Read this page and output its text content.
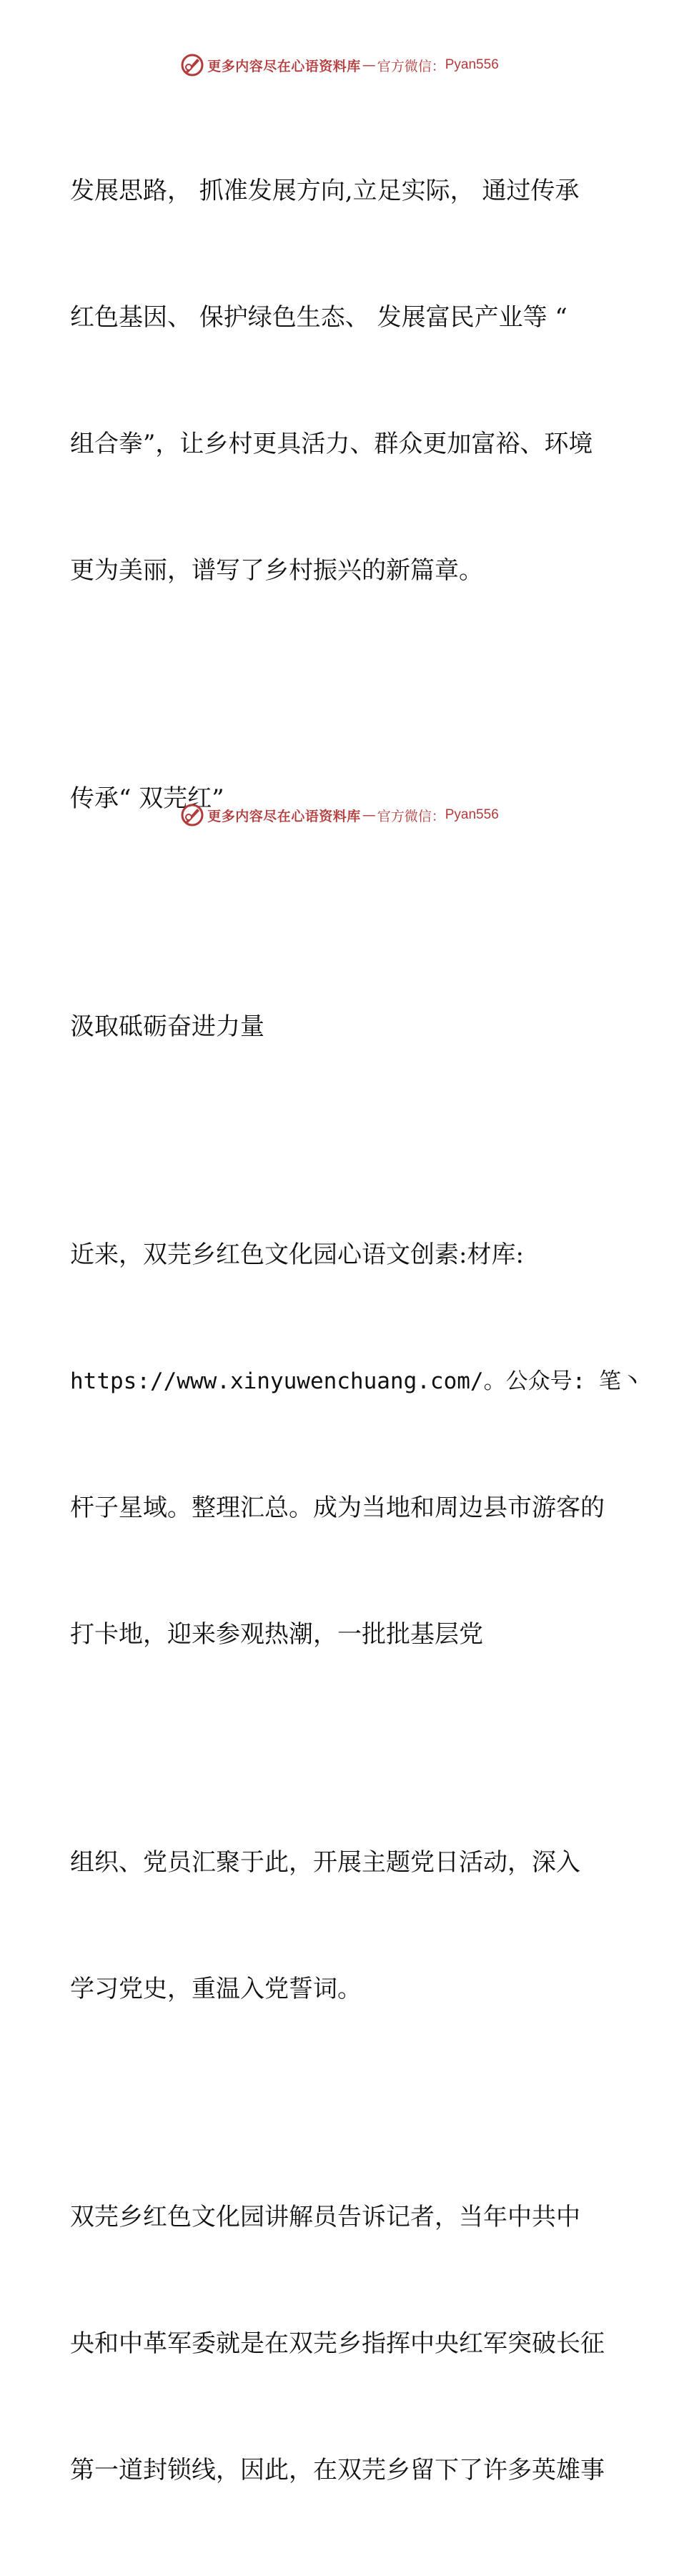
更多内容尽在心语资料库 — 官方微信： Pyan556

发展思路， 抓准发展方向,立足实际， 通过传承

红色基因、 保护绿色生态、 发展富民产业等 “

组合拳”，让乡村更具活力、群众更加富裕、环境

更为美丽，谱写了乡村振兴的新篇章。

传承“ 双芫红”

汲取砥砺奋进力量

近来，双芫乡红色文化园心语文创素:材库:

https://www.xinyuwenchuang.com/。公众号: 笔丶

杆子星域。整理汇总。成为当地和周边县市游客的

打卡地，迎来参观热潮，一批批基层党

组织、党员汇聚于此，开展主题党日活动，深入

学习党史，重温入党誓词。

双芫乡红色文化园讲解员告诉记者，当年中共中

央和中革军委就是在双芫乡指挥中央红军突破长征

第一道封锁线，因此，在双芫乡留下了许多英雄事

更多内容尽在心语资料库 — 官方微信： Pyan556
